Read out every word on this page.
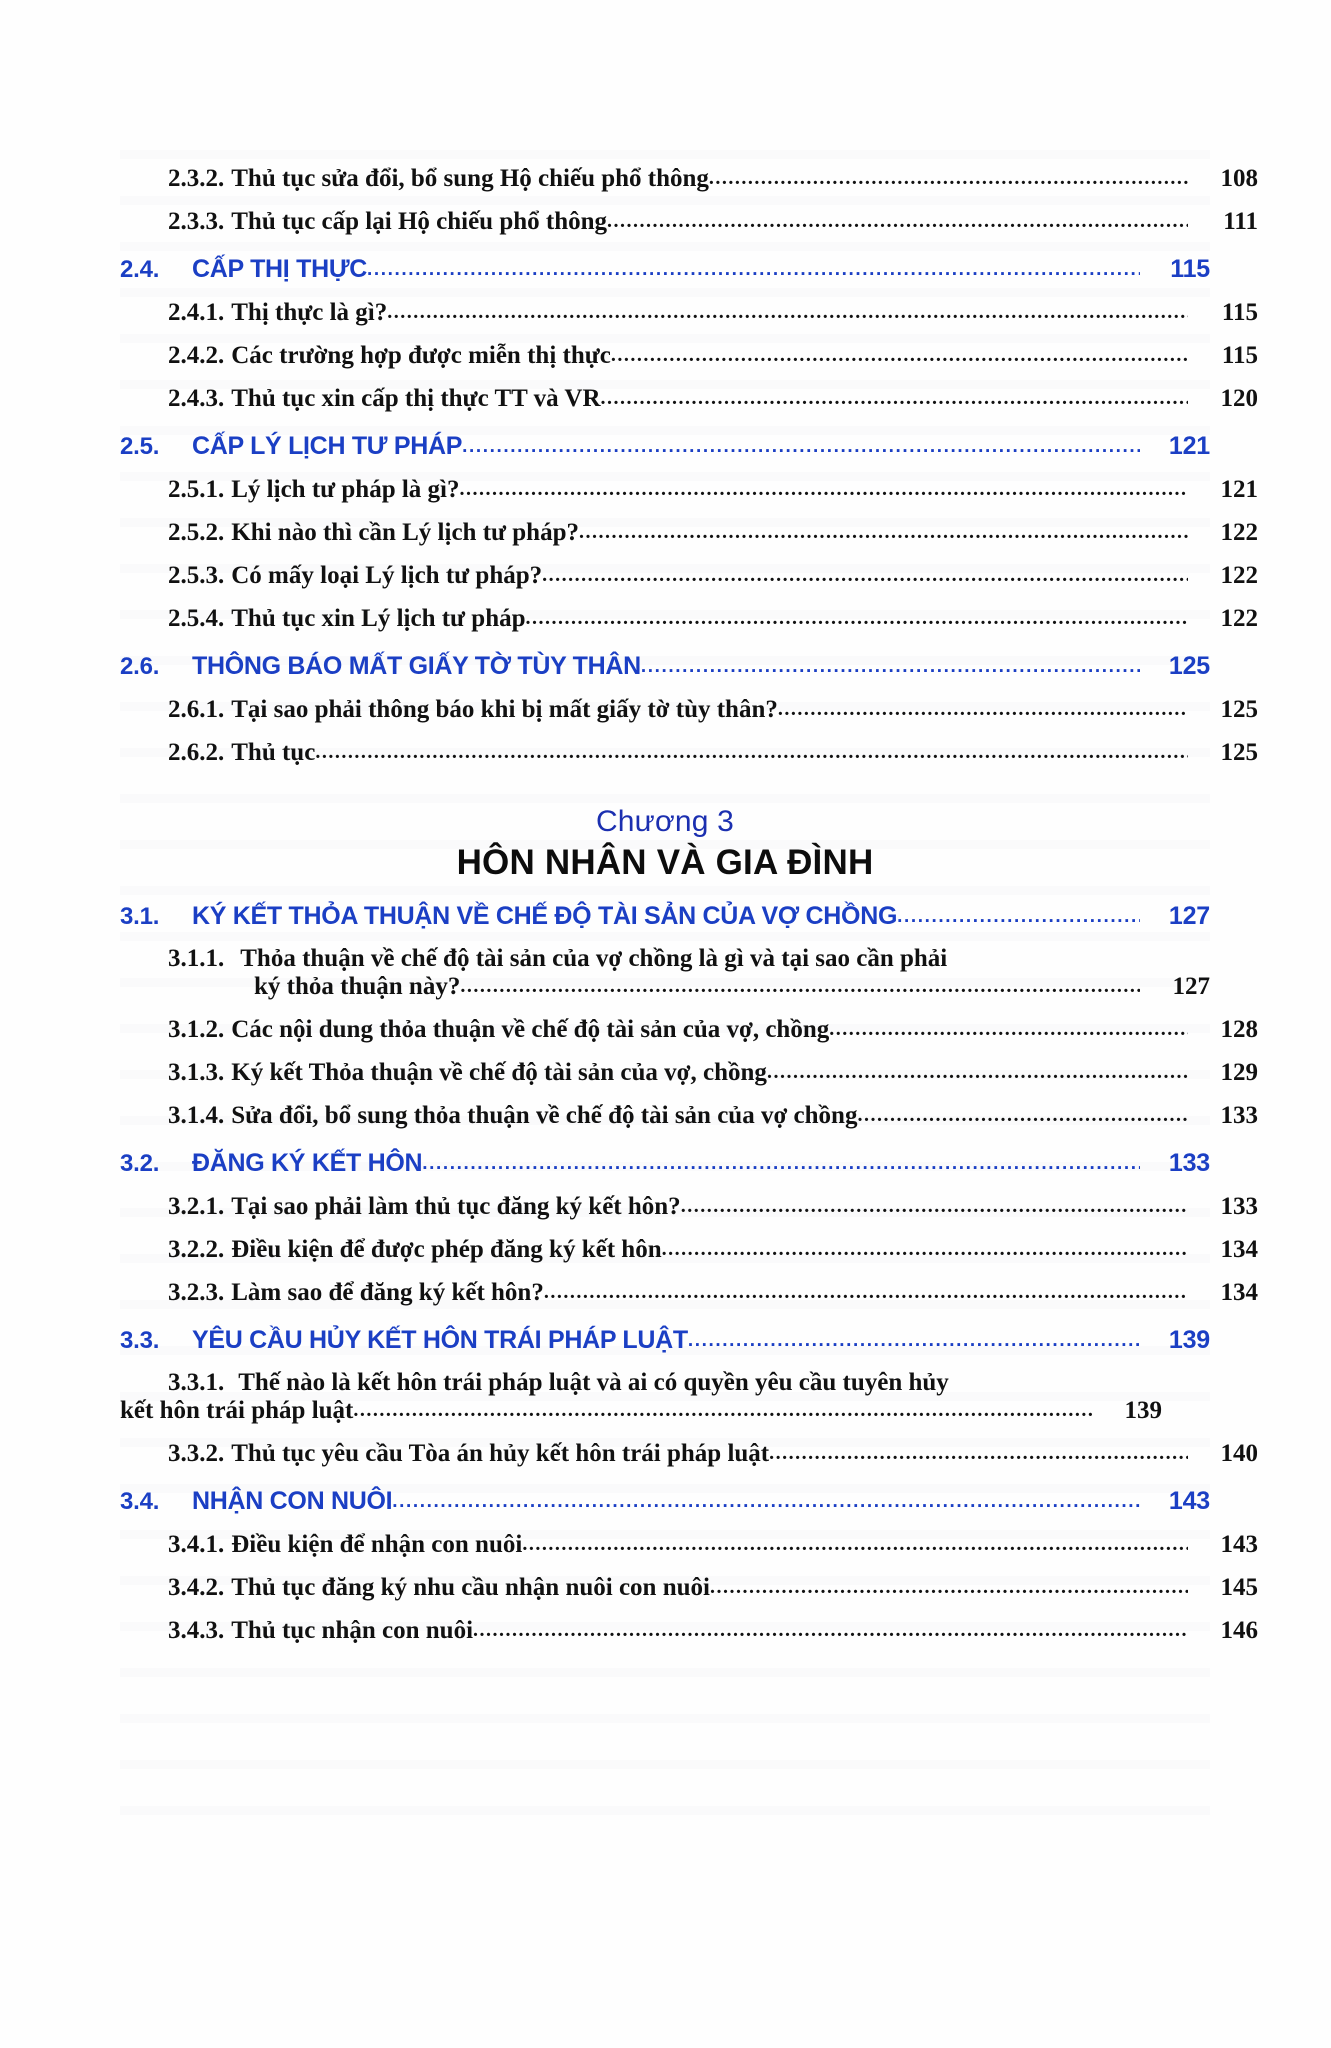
2.3.2. Thủ tục sửa đổi, bổ sung Hộ chiếu phổ thông .....	108
2.3.3. Thủ tục cấp lại Hộ chiếu phổ thông .....	111
2.4.	CẤP THỊ THỰC .....	115
2.4.1. Thị thực là gì? .....	115
2.4.2. Các trường hợp được miễn thị thực .....	115
2.4.3. Thủ tục xin cấp thị thực TT và VR .....	120
2.5.	CẤP LÝ LỊCH TƯ PHÁP .....	121
2.5.1. Lý lịch tư pháp là gì? .....	121
2.5.2. Khi nào thì cần Lý lịch tư pháp? .....	122
2.5.3. Có mấy loại Lý lịch tư pháp? .....	122
2.5.4. Thủ tục xin Lý lịch tư pháp .....	122
2.6.	THÔNG BÁO MẤT GIẤY TỜ TÙY THÂN .....	125
2.6.1. Tại sao phải thông báo khi bị mất giấy tờ tùy thân? .....	125
2.6.2. Thủ tục .....	125
Chương 3
HÔN NHÂN VÀ GIA ĐÌNH
3.1.	KÝ KẾT THỎA THUẬN VỀ CHẾ ĐỘ TÀI SẢN CỦA VỢ CHỒNG .....	127
3.1.1. Thỏa thuận về chế độ tài sản của vợ chồng là gì và tại sao cần phải
ký thỏa thuận này? .....	127
3.1.2. Các nội dung thỏa thuận về chế độ tài sản của vợ, chồng .....	128
3.1.3. Ký kết Thỏa thuận về chế độ tài sản của vợ, chồng .....	129
3.1.4. Sửa đổi, bổ sung thỏa thuận về chế độ tài sản của vợ chồng .....	133
3.2.	ĐĂNG KÝ KẾT HÔN .....	133
3.2.1. Tại sao phải làm thủ tục đăng ký kết hôn? .....	133
3.2.2. Điều kiện để được phép đăng ký kết hôn .....	134
3.2.3. Làm sao để đăng ký kết hôn? .....	134
3.3.	YÊU CẦU HỦY KẾT HÔN TRÁI PHÁP LUẬT .....	139
3.3.1. Thế nào là kết hôn trái pháp luật và ai có quyền yêu cầu tuyên hủy
kết hôn trái pháp luật .....	139
3.3.2. Thủ tục yêu cầu Tòa án hủy kết hôn trái pháp luật .....	140
3.4.	NHẬN CON NUÔI .....	143
3.4.1. Điều kiện để nhận con nuôi .....	143
3.4.2. Thủ tục đăng ký nhu cầu nhận nuôi con nuôi .....	145
3.4.3. Thủ tục nhận con nuôi .....	146
